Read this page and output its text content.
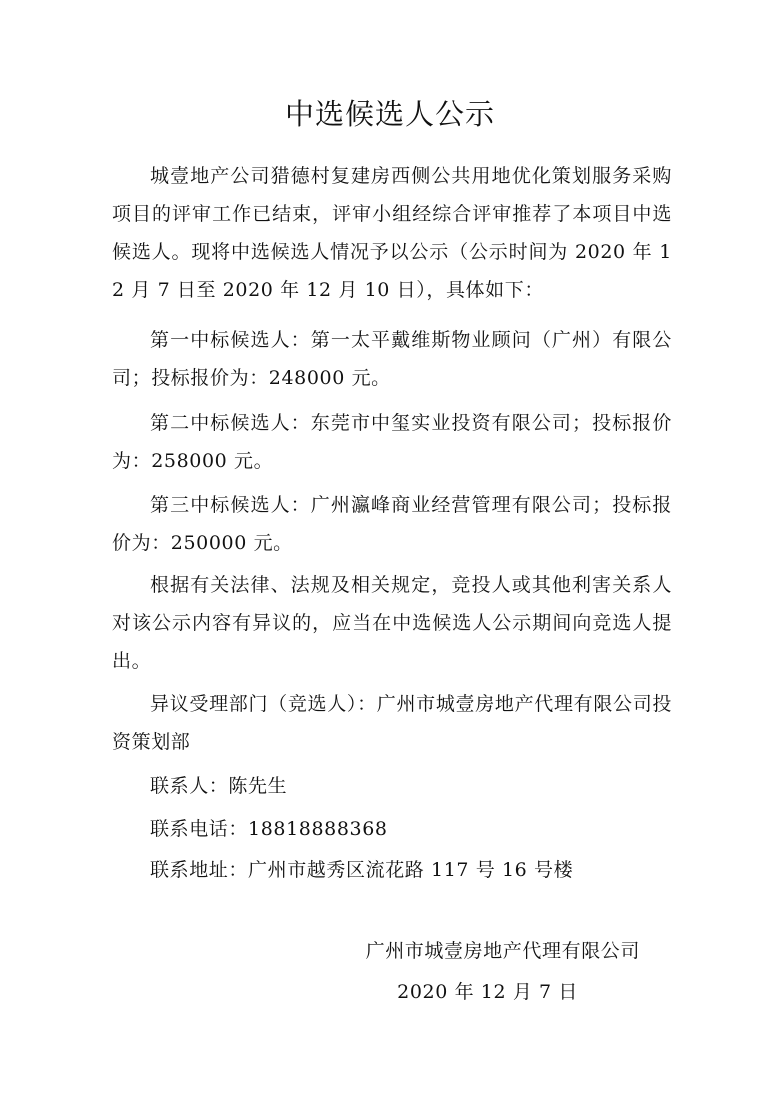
中选候选人公示

城壹地产公司猎德村复建房西侧公共用地优化策划服务采购项目的评审工作已结束，评审小组经综合评审推荐了本项目中选候选人。现将中选候选人情况予以公示（公示时间为 2020 年 12 月 7 日至 2020 年 12 月 10 日），具体如下：

第一中标候选人：第一太平戴维斯物业顾问（广州）有限公司；投标报价为：248000 元。

第二中标候选人：东莞市中玺实业投资有限公司；投标报价为：258000 元。

第三中标候选人：广州瀛峰商业经营管理有限公司；投标报价为：250000 元。

根据有关法律、法规及相关规定，竞投人或其他利害关系人对该公示内容有异议的，应当在中选候选人公示期间向竞选人提出。

异议受理部门（竞选人）：广州市城壹房地产代理有限公司投资策划部

联系人：陈先生

联系电话：18818888368

联系地址：广州市越秀区流花路 117 号 16 号楼

广州市城壹房地产代理有限公司
2020 年 12 月 7 日
